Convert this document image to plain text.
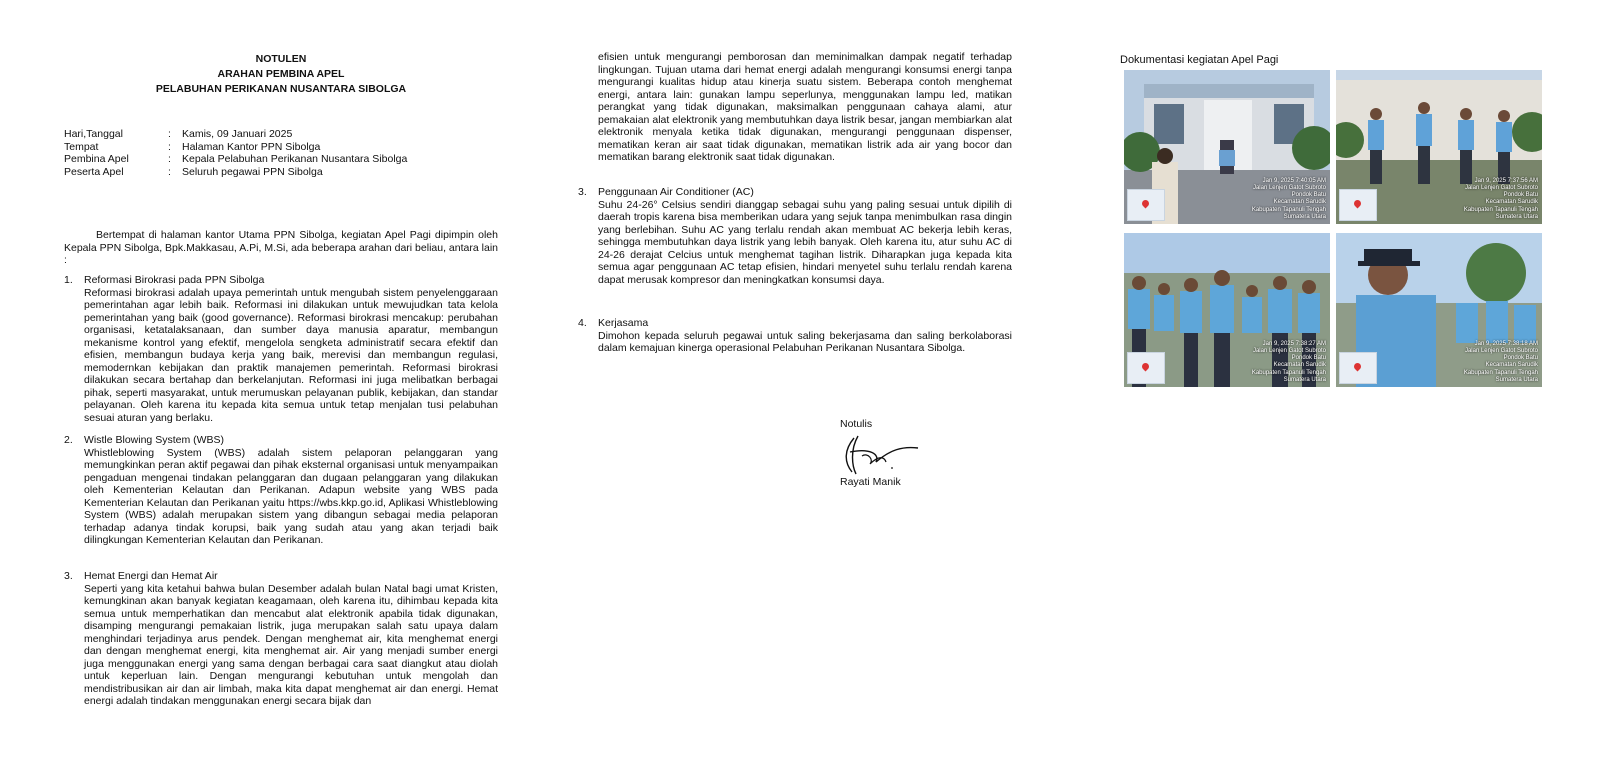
NOTULEN
ARAHAN PEMBINA APEL
PELABUHAN PERIKANAN NUSANTARA SIBOLGA
Hari,Tanggal	:	Kamis, 09 Januari 2025
Tempat	:	Halaman Kantor PPN Sibolga
Pembina Apel	:	Kepala Pelabuhan Perikanan Nusantara Sibolga
Peserta Apel	:	Seluruh pegawai PPN Sibolga

Bertempat di halaman kantor Utama PPN Sibolga, kegiatan Apel Pagi dipimpin oleh Kepala PPN Sibolga, Bpk.Makkasau, A.Pi, M.Si, ada beberapa arahan dari beliau, antara lain :

1. Reformasi Birokrasi pada PPN Sibolga
Reformasi birokrasi adalah upaya pemerintah untuk mengubah sistem penyelenggaraan pemerintahan agar lebih baik. Reformasi ini dilakukan untuk mewujudkan tata kelola pemerintahan yang baik (good governance). Reformasi birokrasi mencakup: perubahan organisasi, ketatalaksanaan, dan sumber daya manusia aparatur, membangun mekanisme kontrol yang efektif, mengelola sengketa administratif secara efektif dan efisien, membangun budaya kerja yang baik, merevisi dan membangun regulasi, memodernkan kebijakan dan praktik manajemen pemerintah. Reformasi birokrasi dilakukan secara bertahap dan berkelanjutan. Reformasi ini juga melibatkan berbagai pihak, seperti masyarakat, untuk merumuskan pelayanan publik, kebijakan, dan standar pelayanan. Oleh karena itu kepada kita semua untuk tetap menjalan tusi pelabuhan sesuai aturan yang berlaku.
2. Wistle Blowing System (WBS)
Whistleblowing System (WBS) adalah sistem pelaporan pelanggaran yang memungkinkan peran aktif pegawai dan pihak eksternal organisasi untuk menyampaikan pengaduan mengenai tindakan pelanggaran dan dugaan pelanggaran yang dilakukan oleh Kementerian Kelautan dan Perikanan. Adapun website yang WBS pada Kementerian Kelautan dan Perikanan yaitu https://wbs.kkp.go.id, Aplikasi Whistleblowing System (WBS) adalah merupakan sistem yang dibangun sebagai media pelaporan terhadap adanya tindak korupsi, baik yang sudah atau yang akan terjadi baik dilingkungan Kementerian Kelautan dan Perikanan.
3. Hemat Energi dan Hemat Air
Seperti yang kita ketahui bahwa bulan Desember adalah bulan Natal bagi umat Kristen, kemungkinan akan banyak kegiatan keagamaan, oleh karena itu, dihimbau kepada kita semua untuk memperhatikan dan mencabut alat elektronik apabila tidak digunakan, disamping mengurangi pemakaian listrik, juga merupakan salah satu upaya dalam menghindari terjadinya arus pendek. Dengan menghemat air, kita menghemat energi dan dengan menghemat energi, kita menghemat air. Air yang menjadi sumber energi juga menggunakan energi yang sama dengan berbagai cara saat diangkut atau diolah untuk keperluan lain. Dengan mengurangi kebutuhan untuk mengolah dan mendistribusikan air dan air limbah, maka kita dapat menghemat air dan energi. Hemat energi adalah tindakan menggunakan energi secara bijak dan

efisien untuk mengurangi pemborosan dan meminimalkan dampak negatif terhadap lingkungan. Tujuan utama dari hemat energi adalah mengurangi konsumsi energi tanpa mengurangi kualitas hidup atau kinerja suatu sistem. Beberapa contoh menghemat energi, antara lain: gunakan lampu seperlunya, menggunakan lampu led, matikan perangkat yang tidak digunakan, maksimalkan penggunaan cahaya alami, atur pemakaian alat elektronik yang membutuhkan daya listrik besar, jangan membiarkan alat elektronik menyala ketika tidak digunakan, mengurangi penggunaan dispenser, mematikan keran air saat tidak digunakan, mematikan listrik ada air yang bocor dan mematikan barang elektronik saat tidak digunakan.

3. Penggunaan Air Conditioner (AC)
Suhu 24-26° Celsius sendiri dianggap sebagai suhu yang paling sesuai untuk dipilih di daerah tropis karena bisa memberikan udara yang sejuk tanpa menimbulkan rasa dingin yang berlebihan. Suhu AC yang terlalu rendah akan membuat AC bekerja lebih keras, sehingga membutuhkan daya listrik yang lebih banyak. Oleh karena itu, atur suhu AC di 24-26 derajat Celcius untuk menghemat tagihan listrik. Diharapkan juga kepada kita semua agar penggunaan AC tetap efisien, hindari menyetel suhu terlalu rendah karena dapat merusak kompresor dan meningkatkan konsumsi daya.
4. Kerjasama
Dimohon kepada seluruh pegawai untuk saling bekerjasama dan saling berkolaborasi dalam kemajuan kinerga operasional Pelabuhan Perikanan Nusantara Sibolga.
Notulis
Rayati Manik
Dokumentasi kegiatan Apel Pagi
Jan 9, 2025 7:40:05 AM
Jalan Lenjen Gatot Subroto
Pondok Batu
Kecamatan Sarudik
Kabupaten Tapanuli Tengah
Sumatera Utara
Jan 9, 2025 7:37:56 AM
Jalan Lenjen Gatot Subroto
Pondok Batu
Kecamatan Sarudik
Kabupaten Tapanuli Tengah
Sumatera Utara
Jan 9, 2025 7:38:27 AM
Jalan Lenjen Gatot Subroto
Pondok Batu
Kecamatan Sarudik
Kabupaten Tapanuli Tengah
Sumatera Utara
Jan 9, 2025 7:38:18 AM
Jalan Lenjen Gatot Subroto
Pondok Batu
Kecamatan Sarudik
Kabupaten Tapanuli Tengah
Sumatera Utara
